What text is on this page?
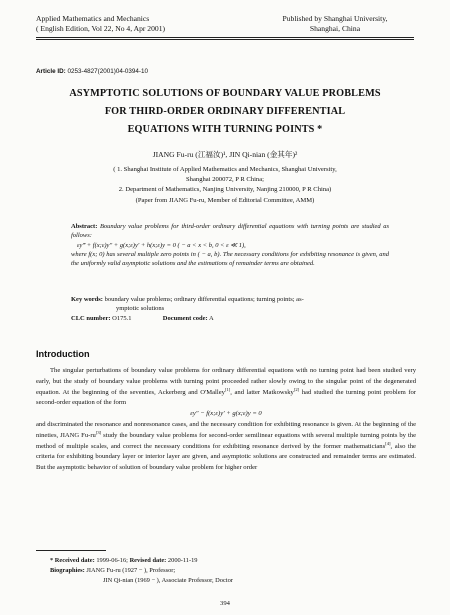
Applied Mathematics and Mechanics
( English Edition, Vol 22, No 4, Apr 2001)
Published by Shanghai University,
Shanghai, China
Article ID: 0253-4827(2001)04-0394-10
ASYMPTOTIC SOLUTIONS OF BOUNDARY VALUE PROBLEMS
FOR THIRD-ORDER ORDINARY DIFFERENTIAL
EQUATIONS WITH TURNING POINTS *
JIANG Fu-ru (江福汝)¹, JIN Qi-nian (金其年)²
( 1. Shanghai Institute of Applied Mathematics and Mechanics, Shanghai University,
Shanghai 200072, P R China;
2. Department of Mathematics, Nanjing University, Nanjing 210000, P R China)
(Paper from JIANG Fu-ru, Member of Editorial Committee, AMM)
Abstract: Boundary value problems for third-order ordinary differential equations with turning points are studied as follows:
εy‴ + f(x;ε)y″ + g(x;ε)y′ + h(x;ε)y = 0 ( − a < x < b, 0 < ε ≪ 1),
where f(x; 0) has several multiple zero points in ( − a, b). The necessary conditions for exhibiting resonance is given, and the uniformly valid asymptotic solutions and the estimations of remainder terms are obtained.
Key words: boundary value problems; ordinary differential equations; turning points; as-
ymptotic solutions
CLC number: O175.1	Document code: A
Introduction
The singular perturbations of boundary value problems for ordinary differential equations with no turning point had been studied very early, but the study of boundary value problems with turning point proceeded rather slowly owing to the singular point of the degenerated equation. At the beginning of the seventies, Ackerberg and O'Malley[1], and latter Matkowsky[2] had studied the turning point problem for second-order equation of the form
εy″ − f(x;ε)y′ + g(x;ε)y = 0
and discriminated the resonance and nonresonance cases, and the necessary condition for exhibiting resonance is given. At the beginning of the nineties, JIANG Fu-ru[3] study the boundary value problems for second-order semilinear equations with several multiple turning points by the method of multiple scales, and correct the necessary conditions for exhibiting resonance derived by the former mathematicians[4], also the criteria for exhibiting boundary layer or interior layer are given, and asymptotic solutions are constructed and remainder terms are estimated. But the asymptotic behavior of solution of boundary value problem for higher order
* Received date: 1999-06-16; Revised date: 2000-11-19
Biographies: JIANG Fu-ru (1927 − ), Professor;
JIN Qi-nian (1969 − ), Associate Professor, Doctor
394
